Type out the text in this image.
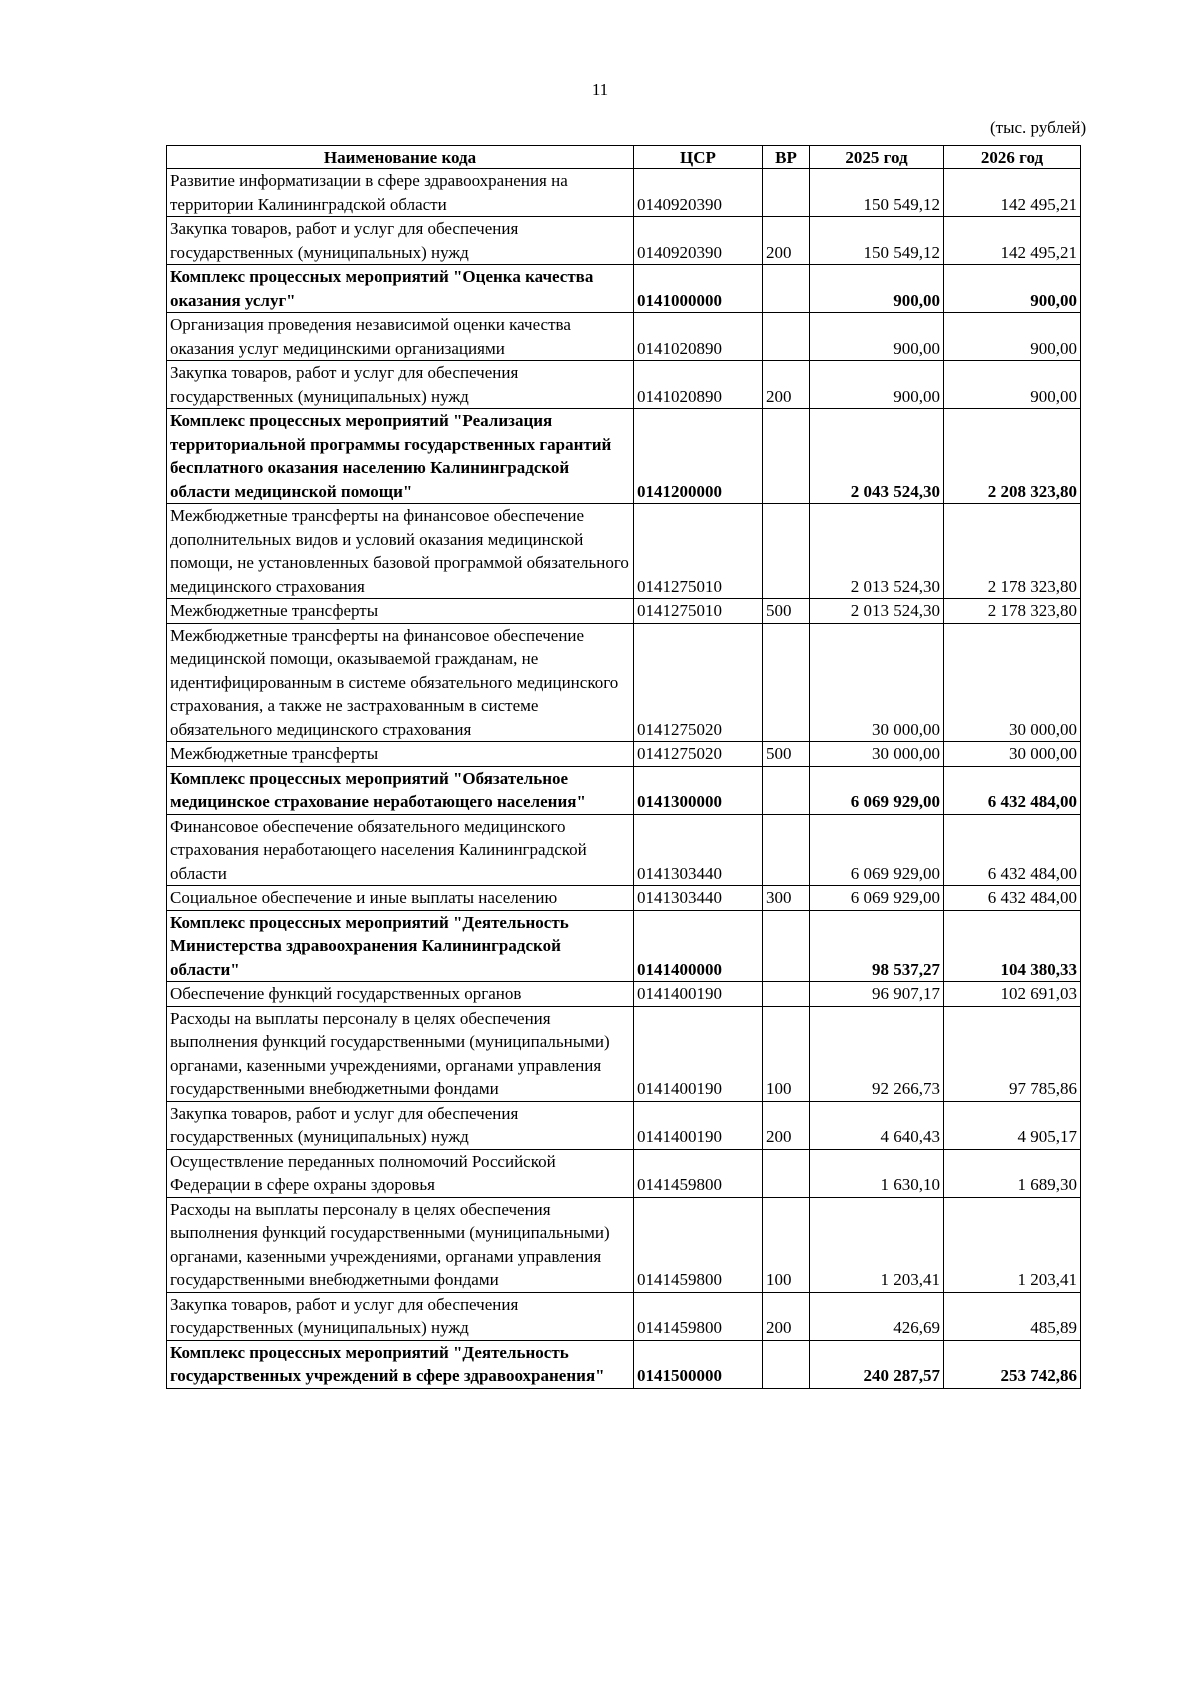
11
(тыс. рублей)
Наименование кода	ЦСР	ВР	2025 год	2026 год
Развитие информатизации в сфере здравоохранения на территории Калининградской области	0140920390		150 549,12	142 495,21
Закупка товаров, работ и услуг для обеспечения государственных (муниципальных) нужд	0140920390	200	150 549,12	142 495,21
Комплекс процессных мероприятий "Оценка качества оказания услуг"	0141000000		900,00	900,00
Организация проведения независимой оценки качества оказания услуг медицинскими организациями	0141020890		900,00	900,00
Закупка товаров, работ и услуг для обеспечения государственных (муниципальных) нужд	0141020890	200	900,00	900,00
Комплекс процессных мероприятий "Реализация территориальной программы государственных гарантий бесплатного оказания населению Калининградской области медицинской помощи"	0141200000		2 043 524,30	2 208 323,80
Межбюджетные трансферты на финансовое обеспечение дополнительных видов и условий оказания медицинской помощи, не установленных базовой программой обязательного медицинского страхования	0141275010		2 013 524,30	2 178 323,80
Межбюджетные трансферты	0141275010	500	2 013 524,30	2 178 323,80
Межбюджетные трансферты на финансовое обеспечение медицинской помощи, оказываемой гражданам, не идентифицированным в системе обязательного медицинского страхования, а также не застрахованным в системе обязательного медицинского страхования	0141275020		30 000,00	30 000,00
Межбюджетные трансферты	0141275020	500	30 000,00	30 000,00
Комплекс процессных мероприятий "Обязательное медицинское страхование неработающего населения"	0141300000		6 069 929,00	6 432 484,00
Финансовое обеспечение обязательного медицинского страхования неработающего населения Калининградской области	0141303440		6 069 929,00	6 432 484,00
Социальное обеспечение и иные выплаты населению	0141303440	300	6 069 929,00	6 432 484,00
Комплекс процессных мероприятий "Деятельность Министерства здравоохранения Калининградской области"	0141400000		98 537,27	104 380,33
Обеспечение функций государственных органов	0141400190		96 907,17	102 691,03
Расходы на выплаты персоналу в целях обеспечения выполнения функций государственными (муниципальными) органами, казенными учреждениями, органами управления государственными внебюджетными фондами	0141400190	100	92 266,73	97 785,86
Закупка товаров, работ и услуг для обеспечения государственных (муниципальных) нужд	0141400190	200	4 640,43	4 905,17
Осуществление переданных полномочий Российской Федерации в сфере охраны здоровья	0141459800		1 630,10	1 689,30
Расходы на выплаты персоналу в целях обеспечения выполнения функций государственными (муниципальными) органами, казенными учреждениями, органами управления государственными внебюджетными фондами	0141459800	100	1 203,41	1 203,41
Закупка товаров, работ и услуг для обеспечения государственных (муниципальных) нужд	0141459800	200	426,69	485,89
Комплекс процессных мероприятий "Деятельность государственных учреждений в сфере здравоохранения"	0141500000		240 287,57	253 742,86
